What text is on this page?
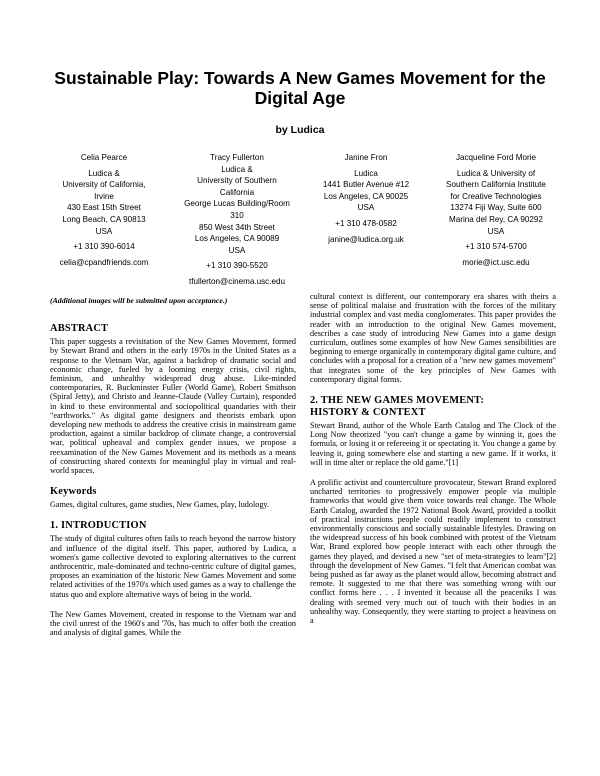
Sustainable Play: Towards A New Games Movement for the Digital Age
by Ludica
Celia Pearce
Ludica &
University of California,
Irvine
430 East 15th Street
Long Beach, CA 90813
USA
+1 310 390-6014
celia@cpandfriends.com
Tracy Fullerton
Ludica &
University of Southern
California
George Lucas Building/Room
310
850 West 34th Street
Los Angeles, CA 90089
USA
+1 310 390-5520
tfullerton@cinema.usc.edu
Janine Fron
Ludica
1441 Butler Avenue #12
Los Angeles, CA 90025
USA
+1 310 478-0582
janine@ludica.org.uk
Jacqueline Ford Morie
Ludica & University of
Southern California Institute
for Creative Technologies
13274 Fiji Way, Suite 600
Marina del Rey, CA 90292
USA
+1 310 574-5700
morie@ict.usc.edu

(Additional images will be submitted upon acceptance.)

ABSTRACT

This paper suggests a revisitation of the New Games Movement, formed by Stewart Brand and others in the early 1970s in the United States as a response to the Vietnam War, against a backdrop of dramatic social and economic change, fueled by a looming energy crisis, civil rights, feminism, and unhealthy widespread drug abuse. Like-minded contemporaries, R. Buckminster Fuller (World Game), Robert Smithson (Spiral Jetty), and Christo and Jeanne-Claude (Valley Curtain), responded in kind to these environmental and sociopolitical quandaries with their "earthworks." As digital game designers and theorists embark upon developing new methods to address the creative crisis in mainstream game production, against a similar backdrop of climate change, a controversial war, political upheaval and complex gender issues, we propose a reexamination of the New Games Movement and its methods as a means of constructing shared contexts for meaningful play in virtual and real-world spaces.

Keywords

Games, digital cultures, game studies, New Games, play, ludology.

1. INTRODUCTION

The study of digital cultures often fails to reach beyond the narrow history and influence of the digital itself. This paper, authored by Ludica, a women's game collective devoted to exploring alternatives to the current anthrocentric, male-dominated and techno-centric culture of digital games, proposes an examination of the historic New Games Movement and some related activities of the 1970's which used games as a way to challenge the status quo and explore alternative ways of being in the world.

The New Games Movement, created in response to the Vietnam war and the civil unrest of the 1960's and '70s, has much to offer both the creation and analysis of digital games. While the

cultural context is different, our contemporary era shares with theirs a sense of political malaise and frustration with the forces of the military industrial complex and vast media conglomerates. This paper provides the reader with an introduction to the original New Games movement, describes a case study of introducing New Games into a game design curriculum, outlines some examples of how New Games sensibilities are beginning to emerge organically in contemporary digital game culture, and concludes with a proposal for a creation of a "new new games movement" that integrates some of the key principles of New Games with contemporary digital forms.

2. THE NEW GAMES MOVEMENT:
HISTORY & CONTEXT

Stewart Brand, author of the Whole Earth Catalog and The Clock of the Long Now theorized "you can't change a game by winning it, goes the formula, or losing it or refereeing it or spectating it. You change a game by leaving it, going somewhere else and starting a new game. If it works, it will in time alter or replace the old game."[1]

A prolific activist and counterculture provocateur, Stewart Brand explored uncharted territories to progressively empower people via multiple frameworks that would give them voice towards real change. The Whole Earth Catalog, awarded the 1972 National Book Award, provided a toolkit of practical instructions people could readily implement to construct environmentally conscious and socially sustainable lifestyles. Drawing on the widespread success of his book combined with protest of the Vietnam War, Brand explored how people interact with each other through the games they played, and devised a new "set of meta-strategies to learn"[2] through the development of New Games. "I felt that American combat was being pushed as far away as the planet would allow, becoming abstract and remote. It suggested to me that there was something wrong with our conflict forms here . . . I invented it because all the peaceniks I was dealing with seemed very much out of touch with their bodies in an unhealthy way. Consequently, they were starting to project a heaviness on a
